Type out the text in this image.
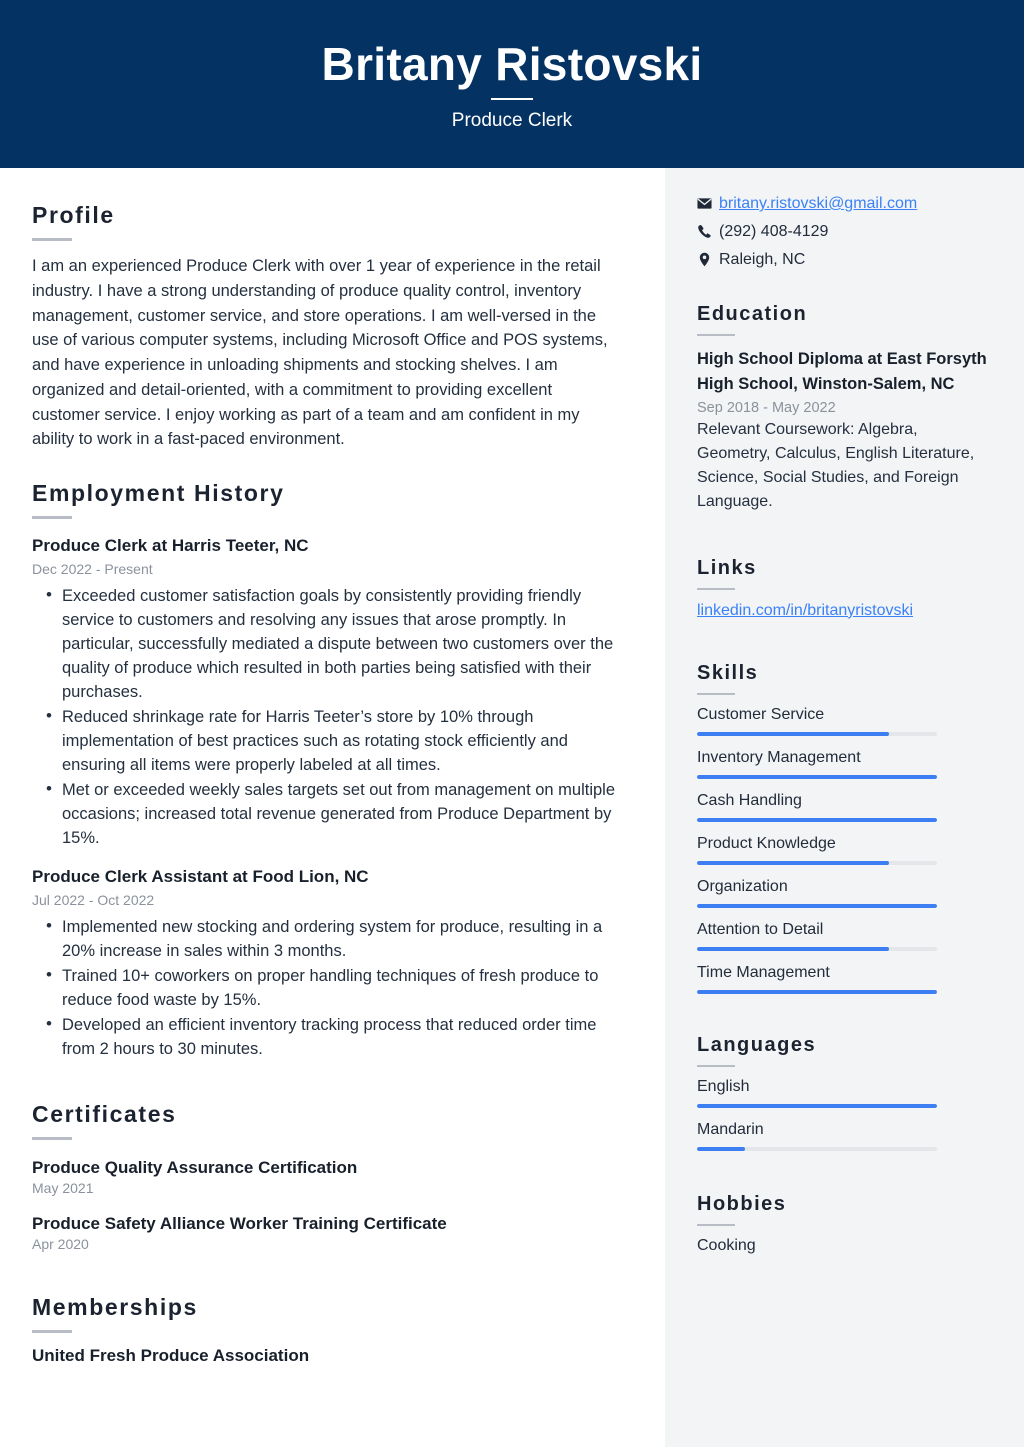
Britany Ristovski
Produce Clerk
Profile
I am an experienced Produce Clerk with over 1 year of experience in the retail industry. I have a strong understanding of produce quality control, inventory management, customer service, and store operations. I am well-versed in the use of various computer systems, including Microsoft Office and POS systems, and have experience in unloading shipments and stocking shelves. I am organized and detail-oriented, with a commitment to providing excellent customer service. I enjoy working as part of a team and am confident in my ability to work in a fast-paced environment.
Employment History
Produce Clerk at Harris Teeter, NC
Dec 2022 - Present
• Exceeded customer satisfaction goals by consistently providing friendly service to customers and resolving any issues that arose promptly. In particular, successfully mediated a dispute between two customers over the quality of produce which resulted in both parties being satisfied with their purchases.
• Reduced shrinkage rate for Harris Teeter’s store by 10% through implementation of best practices such as rotating stock efficiently and ensuring all items were properly labeled at all times.
• Met or exceeded weekly sales targets set out from management on multiple occasions; increased total revenue generated from Produce Department by 15%.
Produce Clerk Assistant at Food Lion, NC
Jul 2022 - Oct 2022
• Implemented new stocking and ordering system for produce, resulting in a 20% increase in sales within 3 months.
• Trained 10+ coworkers on proper handling techniques of fresh produce to reduce food waste by 15%.
• Developed an efficient inventory tracking process that reduced order time from 2 hours to 30 minutes.
Certificates
Produce Quality Assurance Certification
May 2021
Produce Safety Alliance Worker Training Certificate
Apr 2020
Memberships
United Fresh Produce Association
britany.ristovski@gmail.com
(292) 408-4129
Raleigh, NC
Education
High School Diploma at East Forsyth High School, Winston-Salem, NC
Sep 2018 - May 2022
Relevant Coursework: Algebra, Geometry, Calculus, English Literature, Science, Social Studies, and Foreign Language.
Links
linkedin.com/in/britanyristovski
Skills
Customer Service
Inventory Management
Cash Handling
Product Knowledge
Organization
Attention to Detail
Time Management
Languages
English
Mandarin
Hobbies
Cooking
